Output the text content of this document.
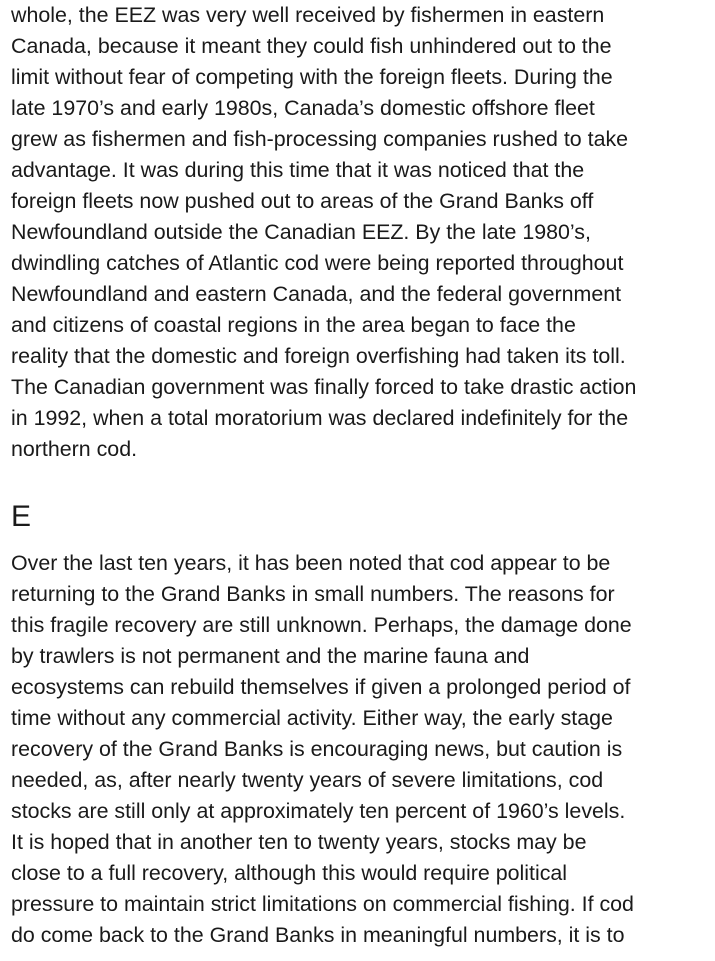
whole, the EEZ was very well received by fishermen in eastern
Canada, because it meant they could fish unhindered out to the
limit without fear of competing with the foreign fleets. During the
late 1970’s and early 1980s, Canada’s domestic offshore fleet
grew as fishermen and fish-processing companies rushed to take
advantage. It was during this time that it was noticed that the
foreign fleets now pushed out to areas of the Grand Banks off
Newfoundland outside the Canadian EEZ. By the late 1980’s,
dwindling catches of Atlantic cod were being reported throughout
Newfoundland and eastern Canada, and the federal government
and citizens of coastal regions in the area began to face the
reality that the domestic and foreign overfishing had taken its toll.
The Canadian government was finally forced to take drastic action
in 1992, when a total moratorium was declared indefinitely for the
northern cod.

E

Over the last ten years, it has been noted that cod appear to be
returning to the Grand Banks in small numbers. The reasons for
this fragile recovery are still unknown. Perhaps, the damage done
by trawlers is not permanent and the marine fauna and
ecosystems can rebuild themselves if given a prolonged period of
time without any commercial activity. Either way, the early stage
recovery of the Grand Banks is encouraging news, but caution is
needed, as, after nearly twenty years of severe limitations, cod
stocks are still only at approximately ten percent of 1960’s levels.
It is hoped that in another ten to twenty years, stocks may be
close to a full recovery, although this would require political
pressure to maintain strict limitations on commercial fishing. If cod
do come back to the Grand Banks in meaningful numbers, it is to
